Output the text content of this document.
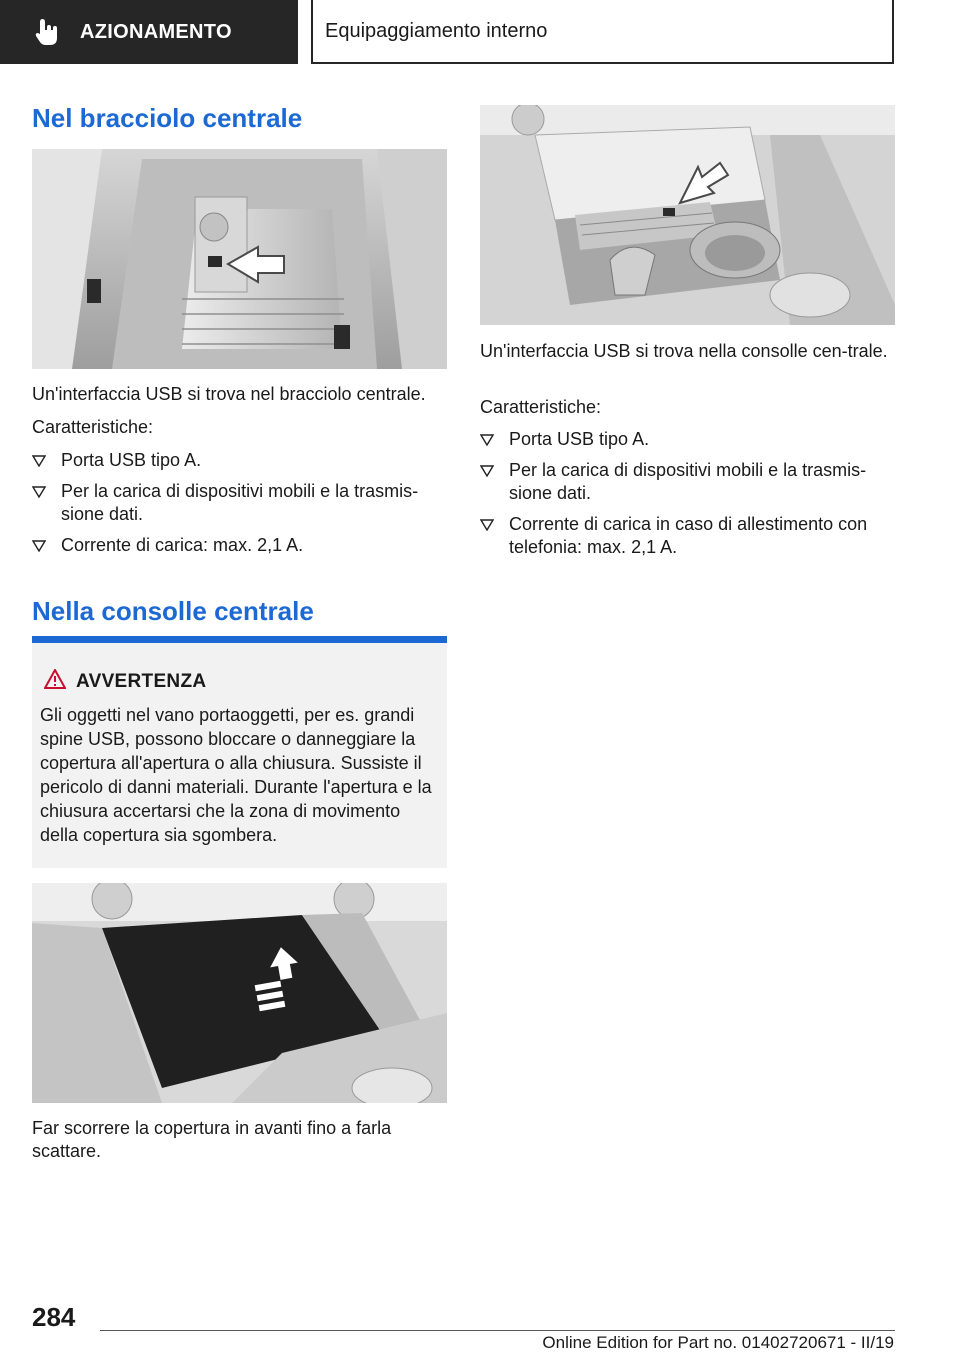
AZIONAMENTO	Equipaggiamento interno
Nel bracciolo centrale

Un'interfaccia USB si trova nel bracciolo centrale.

Caratteristiche:

Porta USB tipo A.
Per la carica di dispositivi mobili e la trasmis‐sione dati.
Corrente di carica: max. 2,1 A.
Nella consolle centrale

Far scorrere la copertura in avanti fino a farla scattare.

AVVERTENZA
Gli oggetti nel vano portaoggetti, per es. grandi spine USB, possono bloccare o danneggiare la copertura all'apertura o alla chiusura. Sussiste il pericolo di danni materiali. Durante l'apertura e la chiusura accertarsi che la zona di movimento della copertura sia sgombera.

Un'interfaccia USB si trova nella consolle cen‐trale.

Caratteristiche:

Porta USB tipo A.
Per la carica di dispositivi mobili e la trasmis‐sione dati.
Corrente di carica in caso di allestimento con telefonia: max. 2,1 A.
284
Online Edition for Part no. 01402720671 - II/19
